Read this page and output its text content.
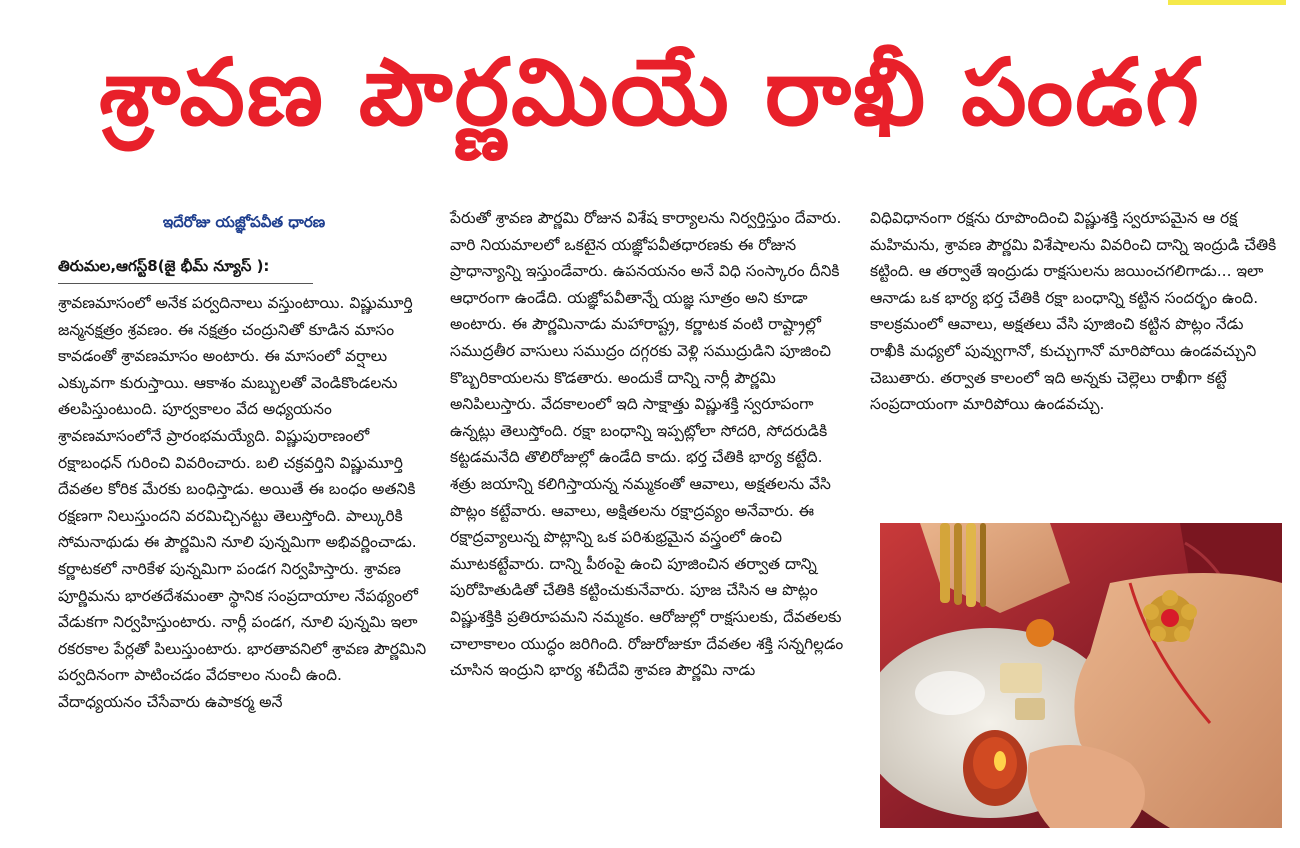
శ్రావణ పౌర్ణమియే రాఖీ పండగ
ఇదేరోజు యజ్ఞోపవీత ధారణ
తిరుమల,ఆగస్ట్8(జై భీమ్ న్యూస్ ):

శ్రావణమాసంలో అనేక పర్వదినాలు వస్తుంటాయి. విష్ణుమూర్తి జన్మనక్షత్రం శ్రవణం. ఈ నక్షత్రం చంద్రునితో కూడిన మాసం కావడంతో శ్రావణమాసం అంటారు. ఈ మాసంలో వర్షాలు ఎక్కువగా కురుస్తాయి. ఆకాశం మబ్బులతో వెండికొండలను తలపిస్తుంటుంది. పూర్వకాలం వేద అధ్యయనం శ్రావణమాసంలోనే ప్రారంభమయ్యేది. విష్ణుపురాణంలో రక్షాబంధన్ గురించి వివరించారు. బలి చక్రవర్తిని విష్ణుమూర్తి దేవతల కోరిక మేరకు బంధిస్తాడు. అయితే ఈ బంధం అతనికి రక్షణగా నిలుస్తుందని వరమిచ్చినట్టు తెలుస్తోంది. పాల్కురికి సోమనాథుడు ఈ పౌర్ణమిని నూలి పున్నమిగా అభివర్ణించాడు. కర్ణాటకలో నారికేళ పున్నమిగా పండగ నిర్వహిస్తారు. శ్రావణ పూర్ణిమను భారతదేశమంతా స్థానిక సంప్రదాయాల నేపథ్యంలో వేడుకగా నిర్వహిస్తుంటారు. నార్లీ పండగ, నూలి పున్నమి ఇలా రకరకాల పేర్లతో పిలుస్తుంటారు. భారతావనిలో శ్రావణ పౌర్ణమిని పర్వదినంగా పాటించడం వేదకాలం నుంచీ ఉంది. వేదాధ్యయనం చేసేవారు ఉపాకర్మ అనే

పేరుతో శ్రావణ పౌర్ణమి రోజున విశేష కార్యాలను నిర్వర్తిస్తుం దేవారు. వారి నియమాలలో ఒకటైన యజ్ఞోపవీతధారణకు ఈ రోజున ప్రాధాన్యాన్ని ఇస్తుండేవారు. ఉపనయనం అనే విధి సంస్కారం దీనికి ఆధారంగా ఉండేది. యజ్ఞోపవీతాన్నే యజ్ఞ సూత్రం అని కూడా అంటారు. ఈ పౌర్ణమినాడు మహారాష్ట్ర, కర్ణాటక వంటి రాష్ట్రాల్లో సముద్రతీర వాసులు సముద్రం దగ్గరకు వెళ్లి సముద్రుడిని పూజించి కొబ్బరికాయలను కొడతారు. అందుకే దాన్ని నార్లీ పౌర్ణమి అనిపిలుస్తారు. వేదకాలంలో ఇది సాక్షాత్తు విష్ణుశక్తి స్వరూపంగా ఉన్నట్లు తెలుస్తోంది. రక్షా బంధాన్ని ఇప్పట్లోలా సోదరి, సోదరుడికి కట్టడమనేది తొలిరోజుల్లో ఉండేది కాదు. భర్త చేతికి భార్య కట్టేది. శత్రు జయాన్ని కలిగిస్తాయన్న నమ్మకంతో ఆవాలు, అక్షతలను వేసి పొట్లం కట్టేవారు. ఆవాలు, అక్షితలను రక్షాద్రవ్యం అనేవారు. ఈ రక్షాద్రవ్యాలున్న పొట్లాన్ని ఒక పరిశుభ్రమైన వస్త్రంలో ఉంచి మూటకట్టేవారు. దాన్ని పీఠంపై ఉంచి పూజించిన తర్వాత దాన్ని పురోహితుడితో చేతికి కట్టించుకునేవారు. పూజ చేసిన ఆ పొట్లం విష్ణుశక్తికి ప్రతిరూపమని నమ్మకం. ఆరోజుల్లో రాక్షసులకు, దేవతలకు చాలాకాలం యుద్ధం జరిగింది. రోజురోజుకూ దేవతల శక్తి సన్నగిల్లడం చూసిన ఇంద్రుని భార్య శచీదేవి శ్రావణ పౌర్ణమి నాడు

విధివిధానంగా రక్షను రూపొందించి విష్ణుశక్తి స్వరూపమైన ఆ రక్ష మహిమను, శ్రావణ పౌర్ణమి విశేషాలను వివరించి దాన్ని ఇంద్రుడి చేతికి కట్టింది. ఆ తర్వాతే ఇంద్రుడు రాక్షసులను జయించగలిగాడు... ఇలా ఆనాడు ఒక భార్య భర్త చేతికి రక్షా బంధాన్ని కట్టిన సందర్భం ఉంది. కాలక్రమంలో ఆవాలు, అక్షతలు వేసి పూజించి కట్టిన పొట్లం నేడు రాఖీకి మధ్యలో పువ్వుగానో, కుచ్చుగానో మారిపోయి ఉండవచ్చుని చెబుతారు. తర్వాత కాలంలో ఇది అన్నకు చెల్లెలు రాఖీగా కట్టే సంప్రదాయంగా మారిపోయి ఉండవచ్చు.
